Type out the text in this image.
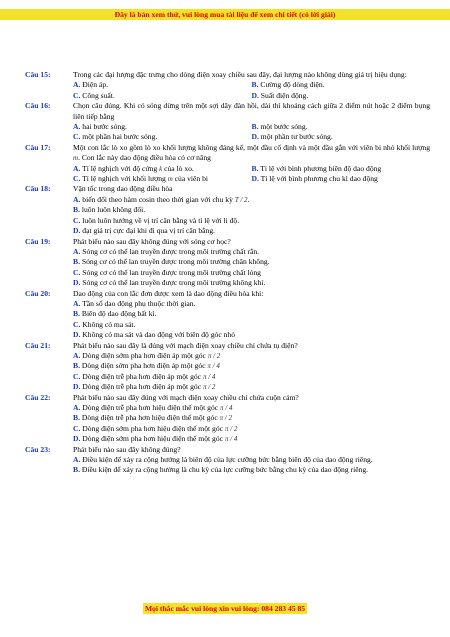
Đây là bản xem thử, vui lòng mua tài liệu để xem chi tiết (có lời giải)
Câu 15:	Trong các đại lượng đặc trưng cho dòng điện xoay chiều sau đây, đại lượng nào không dùng giá trị hiệu dụng:
A. Điện áp.	B. Cường độ dòng điện.
C. Công suất.	D. Suất điện động.
Câu 16:	Chọn câu đúng. Khi có sóng dừng trên một sợi dây đàn hồi, dài thì khoảng cách giữa 2 điểm nút hoặc 2 điểm bụng liên tiếp bằng
A. hai bước sóng.	B. một bước sóng.
C. một phần hai bước sóng.	D. một phần tư bước sóng.
Câu 17:	Một con lắc lò xo gồm lò xo khối lượng không đáng kể, một đầu cố định và một đầu gắn với viên bi nhỏ khối lượng m. Con lắc này dao động điều hòa có cơ năng
A. Tỉ lệ nghịch với độ cứng k của lò xo.	B. Tỉ lệ với bình phương biên độ dao động
C. Tỉ lệ nghịch với khối lượng m của viên bi	D. Tỉ lệ với bình phương chu kì dao động
Câu 18:	Vận tốc trong dao động điều hòa
A. biến đổi theo hàm cosin theo thời gian với chu kỳ T / 2.
B. luôn luôn không đổi.
C. luôn luôn hướng về vị trí cân bằng và tỉ lệ với li độ.
D. đạt giá trị cực đại khi đi qua vị trí cân bằng.
Câu 19:	Phát biểu nào sau đây không đúng với sóng cơ học?
A. Sóng cơ có thể lan truyền được trong môi trường chất rắn.
B. Sóng cơ có thể lan truyền được trong môi trường chân không.
C. Sóng cơ có thể lan truyền được trong môi trường chất lỏng
D. Sóng cơ có thể lan truyền được trong môi trường không khí.
Câu 20:	Dao động của con lắc đơn được xem là dao động điều hòa khi:
A. Tần số dao động phụ thuộc thời gian.
B. Biên độ dao động bất kì.
C. Không có ma sát.
D. Không có ma sát và dao động với biên độ góc nhỏ
Câu 21:	Phát biểu nào sau đây là đúng với mạch điện xoay chiều chỉ chứa tụ điện?
A. Dòng điện sớm pha hơn điện áp một góc π / 2
B. Dòng điện sớm pha hơn điện áp một góc π / 4
C. Dòng điện trễ pha hơn điện áp một góc π / 4
D. Dòng điện trễ pha hơn điện áp một góc π / 2
Câu 22:	Phát biểu nào sau đây đúng với mạch điện xoay chiều chỉ chứa cuộn cảm?
A. Dòng điện trễ pha hơn hiệu điện thế một góc π / 4
B. Dòng điện trễ pha hơn hiệu điện thế một góc π / 2
C. Dòng điện sớm pha hơn hiệu điện thế một góc π / 2
D. Dòng điện sớm pha hơn hiệu điện thế một góc π / 4
Câu 23:	Phát biểu nào sau đây không đúng?
A. Điều kiện để xảy ra cộng hưởng là biên độ của lực cưỡng bức bằng biên độ của dao động riêng.
B. Điều kiện để xảy ra cộng hưởng là chu kỳ của lực cưỡng bức bằng chu kỳ của dao động riêng.
Mọi thắc mắc vui lòng xin vui lòng: 084 283 45 85
